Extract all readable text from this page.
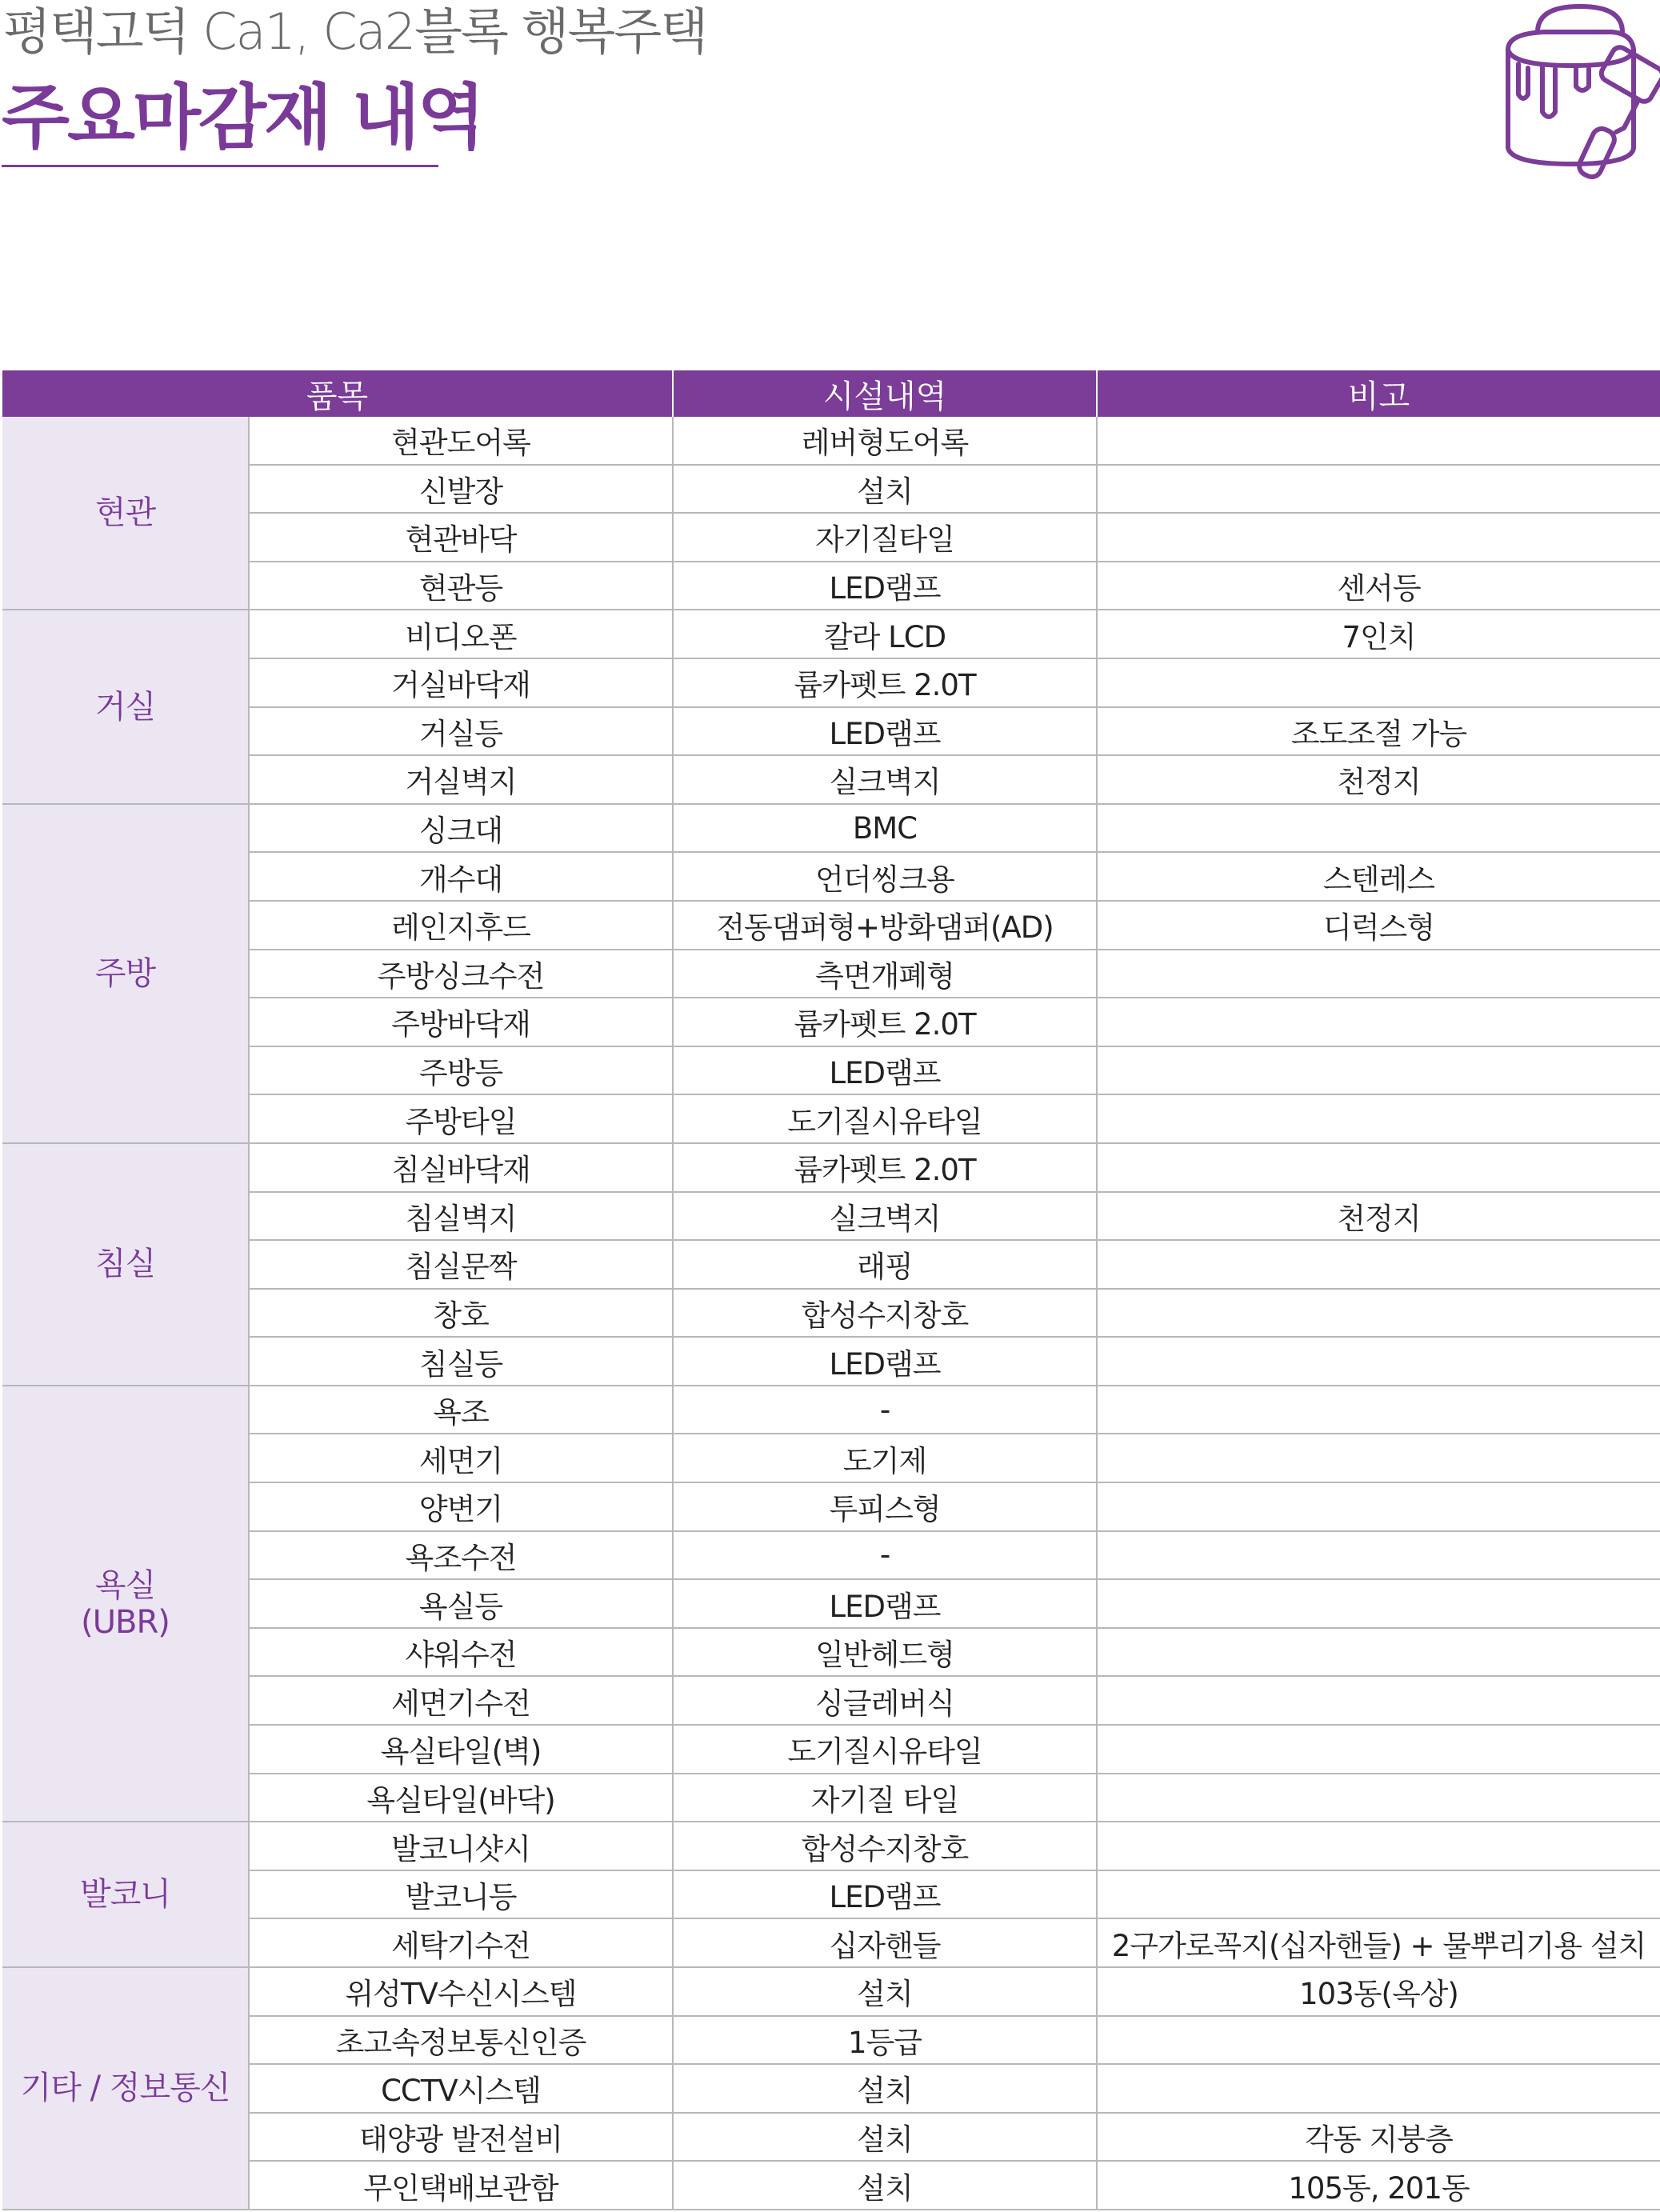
평택고덕 Ca1, Ca2블록 행복주택
주요마감재 내역
품목		시설내역	비고

현관	현관도어록	레버형도어록	
	신발장	설치	
	현관바닥	자기질타일	
	현관등	LED램프	센서등

거실	비디오폰	칼라 LCD	7인치
	거실바닥재	륨카펫트 2.0T	
	거실등	LED램프	조도조절 가능
	거실벽지	실크벽지	천정지

주방	싱크대	BMC	
	개수대	언더씽크용	스텐레스
	레인지후드	전동댐퍼형+방화댐퍼(AD)	디럭스형
	주방싱크수전	측면개폐형	
	주방바닥재	륨카펫트 2.0T	
	주방등	LED램프	
	주방타일	도기질시유타일	

침실	침실바닥재	륨카펫트 2.0T	
	침실벽지	실크벽지	천정지
	침실문짝	래핑	
	창호	합성수지창호	
	침실등	LED램프	

욕실
(UBR)	욕조	-	
	세면기	도기제	
	양변기	투피스형	
	욕조수전	-	
	욕실등	LED램프	
	샤워수전	일반헤드형	
	세면기수전	싱글레버식	
	욕실타일(벽)	도기질시유타일	
	욕실타일(바닥)	자기질 타일	

발코니	발코니샷시	합성수지창호	
	발코니등	LED램프	
	세탁기수전	십자핸들	2구가로꼭지(십자핸들) + 물뿌리기용 설치

기타 / 정보통신	위성TV수신시스템	설치	103동(옥상)
	초고속정보통신인증	1등급	
	CCTV시스템	설치	
	태양광 발전설비	설치	각동 지붕층
	무인택배보관함	설치	105동, 201동
